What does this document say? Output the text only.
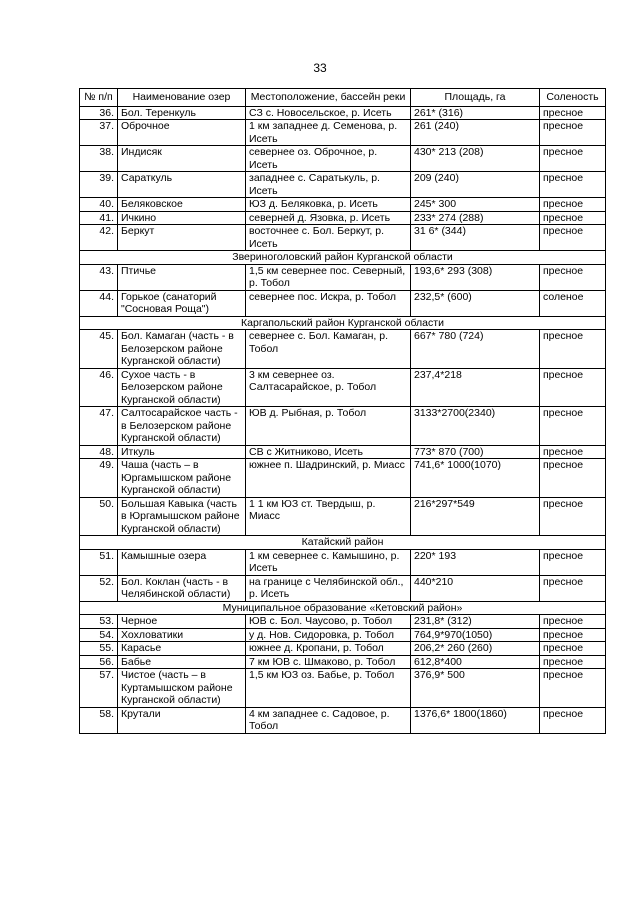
33
№ п/п	Наименование озер	Местоположение, бассейн реки	Площадь, га	Соленость
36.	Бол. Теренкуль	СЗ с. Новосельское, р. Исеть	261* (316)	пресное
37.	Оброчное	1 км западнее д. Семенова, р. Исеть	261 (240)	пресное
38.	Индисяк	севернее оз. Оброчное, р. Исеть	430* 213 (208)	пресное
39.	Сараткуль	западнее с. Саратькуль, р. Исеть	209 (240)	пресное
40.	Беляковское	ЮЗ д. Беляковка, р. Исеть	245* 300	пресное
41.	Ичкино	северней д. Язовка, р. Исеть	233* 274 (288)	пресное
42.	Беркут	восточнее с. Бол. Беркут, р. Исеть	31 6* (344)	пресное
Звериноголовский район Курганской области				
43.	Птичье	1,5 км севернее пос. Северный, р. Тобол	193,6* 293 (308)	пресное
44.	Горькое (санаторий "Сосновая Роща")	севернее пос. Искра, р. Тобол	232,5* (600)	соленое
Каргапольский район Курганской области				
45.	Бол. Камаган (часть - в Белозерском районе Курганской области)	севернее с. Бол. Камаган, р. Тобол	667* 780 (724)	пресное
46.	Сухое часть - в Белозерском районе Курганской области)	3 км севернее оз. Салтасарайское, р. Тобол	237,4*218	пресное
47.	Салтосарайское часть - в Белозерском районе Курганской области)	ЮВ д. Рыбная, р. Тобол	3133*2700(2340)	пресное
48.	Иткуль	СВ с Житниково, Исеть	773* 870 (700)	пресное
49.	Чаша (часть – в Юргамышском районе Курганской области)	южнее п. Шадринский, р. Миасс	741,6* 1000(1070)	пресное
50.	Большая Кавыка (часть в Юргамышском районе Курганской области)	1 1 км ЮЗ ст. Твердыш, р. Миасс	216*297*549	пресное
Катайский район				
51.	Камышные озера	1 км севернее с. Камышино, р. Исеть	220* 193	пресное
52.	Бол. Коклан (часть - в Челябинской области)	на границе с Челябинской обл., р. Исеть	440*210	пресное
Муниципальное образование «Кетовский район»				
53.	Черное	ЮВ с. Бол. Чаусово, р. Тобол	231,8* (312)	пресное
54.	Хохловатики	у д. Нов. Сидоровка, р. Тобол	764,9*970(1050)	пресное
55.	Карасье	южнее д. Кропани, р. Тобол	206,2* 260 (260)	пресное
56.	Бабье	7 км ЮВ с. Шмаково, р. Тобол	612,8*400	пресное
57.	Чистое (часть – в Куртамышском районе Курганской области)	1,5 км ЮЗ оз. Бабье, р. Тобол	376,9* 500	пресное
58.	Крутали	4 км западнее с. Садовое, р. Тобол	1376,6* 1800(1860)	пресное
